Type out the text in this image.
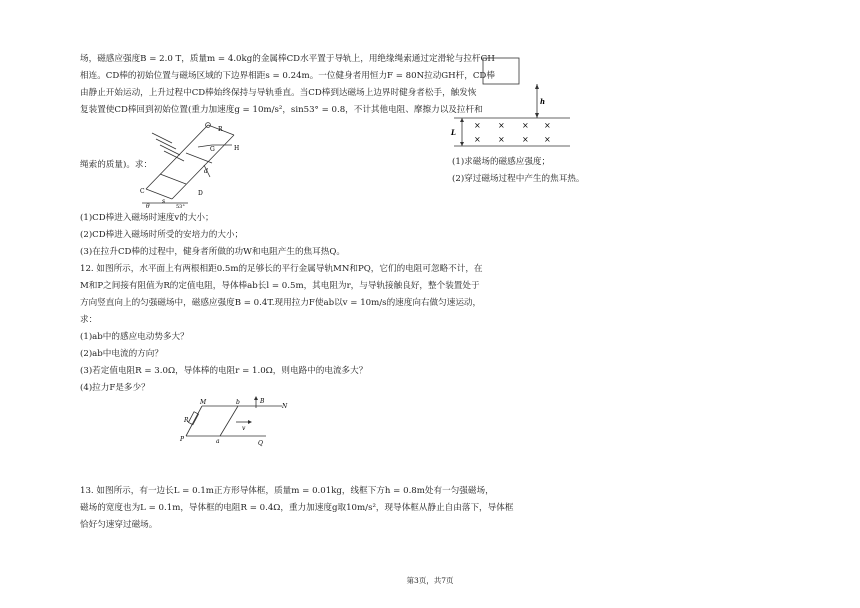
场，磁感应强度B = 2.0 T，质量m = 4.0kg的金属棒CD水平置于导轨上，用绝缘绳索通过定滑轮与拉杆GH
相连。CD棒的初始位置与磁场区域的下边界相距s = 0.24m。一位健身者用恒力F = 80N拉动GH杆，CD棒
由静止开始运动，上升过程中CD棒始终保持与导轨垂直。当CD棒到达磁场上边界时健身者松手，触发恢
复装置使CD棒回到初始位置(重力加速度g = 10m/s²，sin53° = 0.8，不计其他电阻、摩擦力以及拉杆和
绳索的质量)。求：
C	D
G	H
R
d
s
θ	53°
(1)CD棒进入磁场时速度v的大小；
(2)CD棒进入磁场时所受的安培力的大小；
(3)在拉升CD棒的过程中，健身者所做的功W和电阻产生的焦耳热Q。
12. 如图所示，水平面上有两根相距0.5m的足够长的平行金属导轨MN和PQ，它们的电阻可忽略不计，在
M和P之间接有阻值为R的定值电阻，导体棒ab长l = 0.5m，其电阻为r，与导轨接触良好，整个装置处于
方向竖直向上的匀强磁场中，磁感应强度B = 0.4T.现用拉力F使ab以v = 10m/s的速度向右做匀速运动，
求：
(1)ab中的感应电动势多大？
(2)ab中电流的方向？
(3)若定值电阻R = 3.0Ω，导体棒的电阻r = 1.0Ω，则电路中的电流多大？
(4)拉力F是多少？
M
N
P
Q
R
a
b	B
v
13. 如图所示，有一边长L = 0.1m正方形导体框，质量m = 0.01kg，线框下方h = 0.8m处有一匀强磁场，
磁场的宽度也为L = 0.1m，导体框的电阻R = 0.4Ω，重力加速度g取10m/s²，现导体框从静止自由落下，导体框
恰好匀速穿过磁场。
h
L
× × × ×
× × × ×
(1)求磁场的磁感应强度；
(2)穿过磁场过程中产生的焦耳热。
第3页，共7页
